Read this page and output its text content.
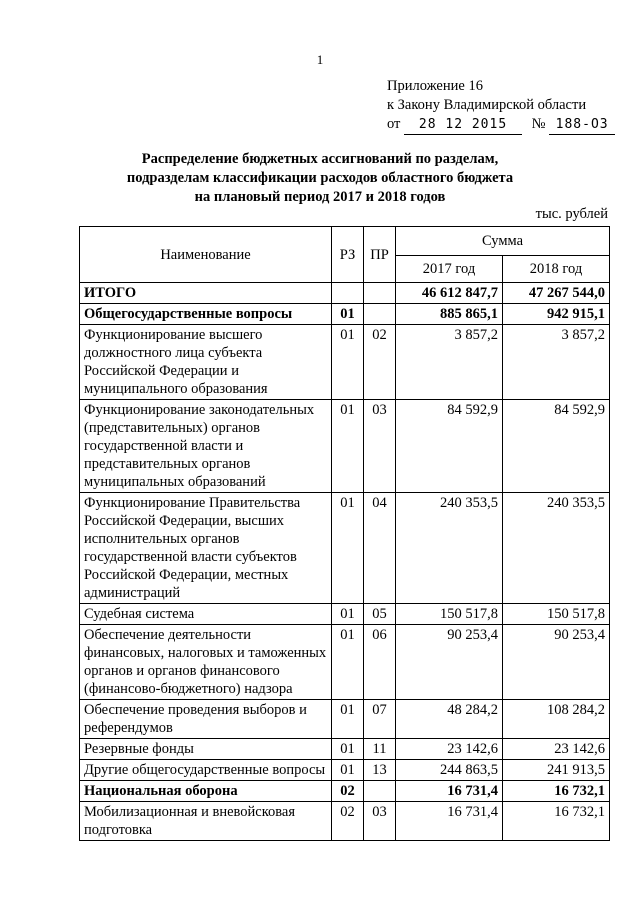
1
Приложение 16
к Закону Владимирской области
от 28 12 2015 № 188-ОЗ
Распределение бюджетных ассигнований по разделам,
подразделам классификации расходов областного бюджета
на плановый период 2017 и 2018 годов
тыс. рублей
Наименование	РЗ	ПР	Сумма	
			2017 год	2018 год
ИТОГО			46 612 847,7	47 267 544,0
Общегосударственные вопросы	01		885 865,1	942 915,1
Функционирование высшего должностного лица субъекта Российской Федерации и муниципального образования	01	02	3 857,2	3 857,2
Функционирование законодательных (представительных) органов государственной власти и представительных органов муниципальных образований	01	03	84 592,9	84 592,9
Функционирование Правительства Российской Федерации, высших исполнительных органов государственной власти субъектов Российской Федерации, местных администраций	01	04	240 353,5	240 353,5
Судебная система	01	05	150 517,8	150 517,8
Обеспечение деятельности финансовых, налоговых и таможенных органов и органов финансового (финансово-бюджетного) надзора	01	06	90 253,4	90 253,4
Обеспечение проведения выборов и референдумов	01	07	48 284,2	108 284,2
Резервные фонды	01	11	23 142,6	23 142,6
Другие общегосударственные вопросы	01	13	244 863,5	241 913,5
Национальная оборона	02		16 731,4	16 732,1
Мобилизационная и вневойсковая подготовка	02	03	16 731,4	16 732,1
